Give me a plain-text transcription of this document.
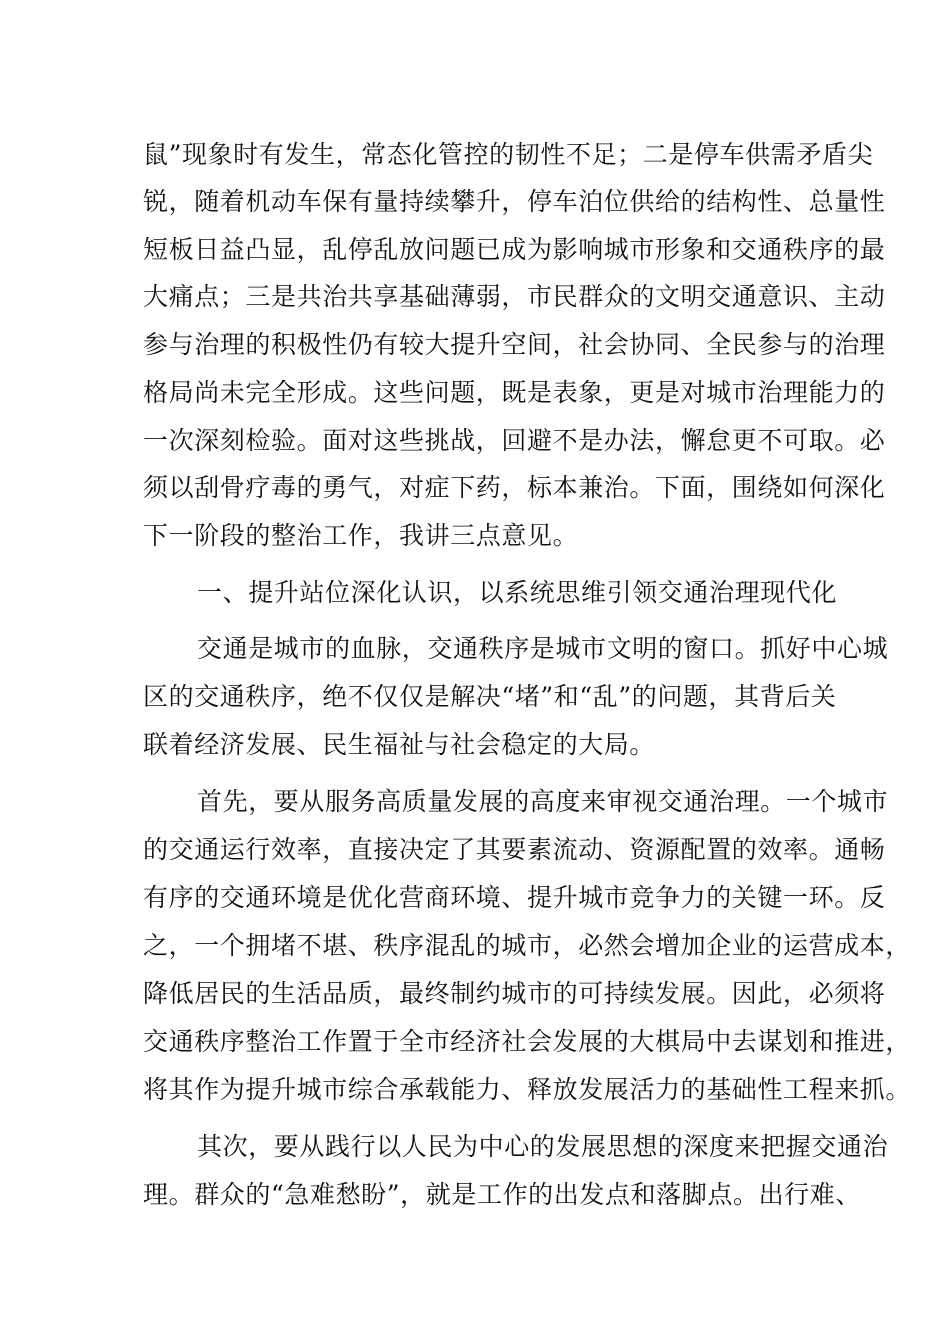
鼠”现象时有发生，常态化管控的韧性不足；二是停车供需矛盾尖
锐，随着机动车保有量持续攀升，停车泊位供给的结构性、总量性
短板日益凸显，乱停乱放问题已成为影响城市形象和交通秩序的最
大痛点；三是共治共享基础薄弱，市民群众的文明交通意识、主动
参与治理的积极性仍有较大提升空间，社会协同、全民参与的治理
格局尚未完全形成。这些问题，既是表象，更是对城市治理能力的
一次深刻检验。面对这些挑战，回避不是办法，懈怠更不可取。必
须以刮骨疗毒的勇气，对症下药，标本兼治。下面，围绕如何深化
下一阶段的整治工作，我讲三点意见。
一、提升站位深化认识，以系统思维引领交通治理现代化
交通是城市的血脉，交通秩序是城市文明的窗口。抓好中心城
区的交通秩序，绝不仅仅是解决“堵”和“乱”的问题，其背后关
联着经济发展、民生福祉与社会稳定的大局。
首先，要从服务高质量发展的高度来审视交通治理。一个城市
的交通运行效率，直接决定了其要素流动、资源配置的效率。通畅
有序的交通环境是优化营商环境、提升城市竞争力的关键一环。反
之，一个拥堵不堪、秩序混乱的城市，必然会增加企业的运营成本，
降低居民的生活品质，最终制约城市的可持续发展。因此，必须将
交通秩序整治工作置于全市经济社会发展的大棋局中去谋划和推进，
将其作为提升城市综合承载能力、释放发展活力的基础性工程来抓。
其次，要从践行以人民为中心的发展思想的深度来把握交通治
理。群众的“急难愁盼”，就是工作的出发点和落脚点。出行难、
